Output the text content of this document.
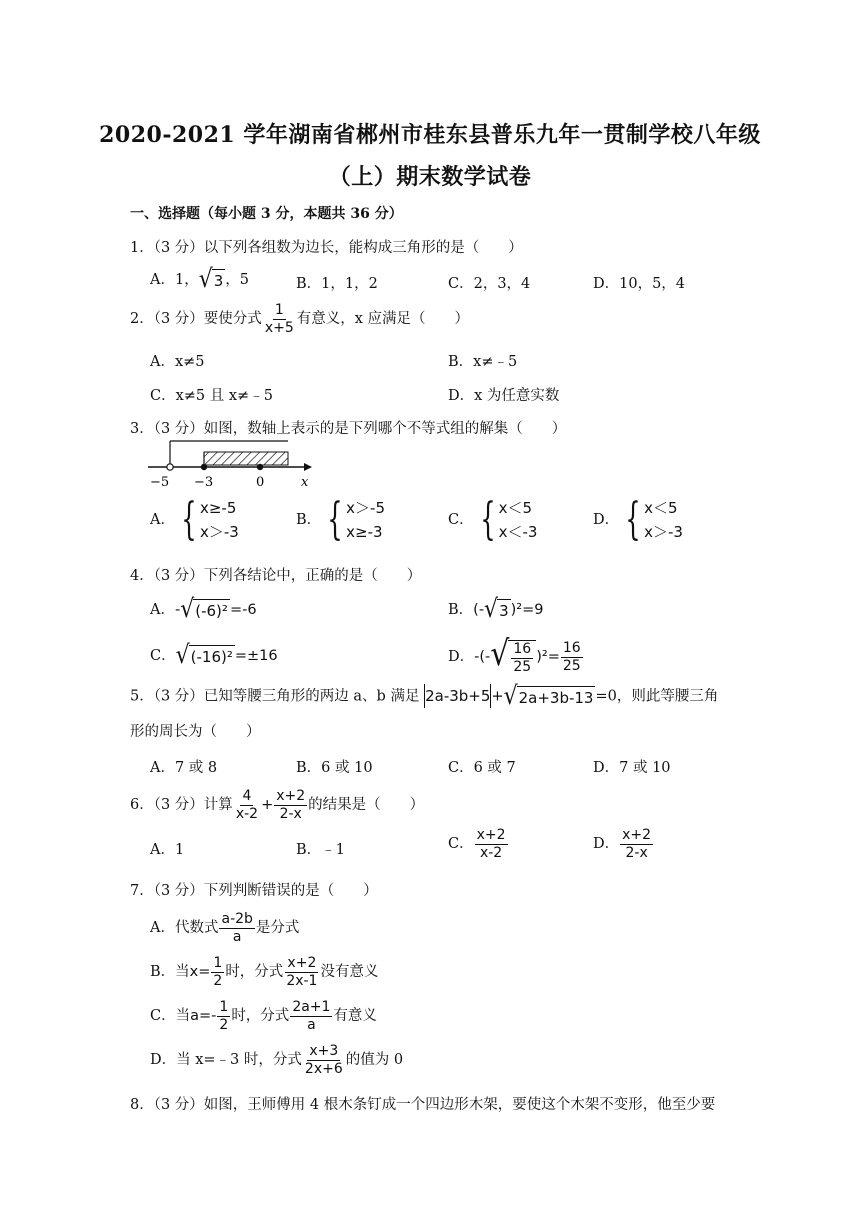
2020-2021 学年湖南省郴州市桂东县普乐九年一贯制学校八年级
（上）期末数学试卷
一、选择题（每小题 3 分，本题共 36 分）
1．（3 分）以下列各组数为边长，能构成三角形的是（　　）
A．1， √ 3 ，5	B．1，1，2	C．2，3，4	D．10，5，4
2．（3 分）要使分式 $\frac{1}{x+5}$ 有意义，x 应满足（　　）
A．x≠5	B．x≠﹣5
C．x≠5 且 x≠﹣5	D．x 为任意实数
3．（3 分）如图，数轴上表示的是下列哪个不等式组的解集（　　）
−5 −3	0	x
A． { x≥-5
x＞-3
B． { x＞-5
x≥-3
C． { x＜5
x＜-3
D． { x＜5
x＞-3
4．（3 分）下列各结论中，正确的是（　　）
A．- √ (-6)² =-6	B．(- √ 3 )²=9
C． √ (-16)² =±16	D．-(- √ $\frac{16}{25} )^2= \frac{16}{25}$
5．（3 分）已知等腰三角形的两边 a、b 满足 2a-3b+5+ √ 2a+3b-13 =0，则此等腰三角
形的周长为（　　）
A．7 或 8	B．6 或 10	C．6 或 7	D．7 或 10
6．（3 分）计算 $\frac{4}{x-2} + \frac{x+2}{2-x}$ 的结果是（　　）
A．1	B．﹣1	C． $\frac{x+2}{x-2}$	D． $\frac{x+2}{2-x}$
7．（3 分）下列判断错误的是（　　）
A．代数式 $\frac{a-2b}{a}$ 是分式
B．当$x= \frac{1}{2}$ 时，分式 $\frac{x+2}{2x-1}$ 没有意义
C．当$a=- \frac{1}{2}$ 时，分式 $\frac{2a+1}{a}$ 有意义
D．当 x=﹣3 时，分式 $\frac{x+3}{2x+6}$ 的值为 0
8．（3 分）如图，王师傅用 4 根木条钉成一个四边形木架，要使这个木架不变形，他至少要
